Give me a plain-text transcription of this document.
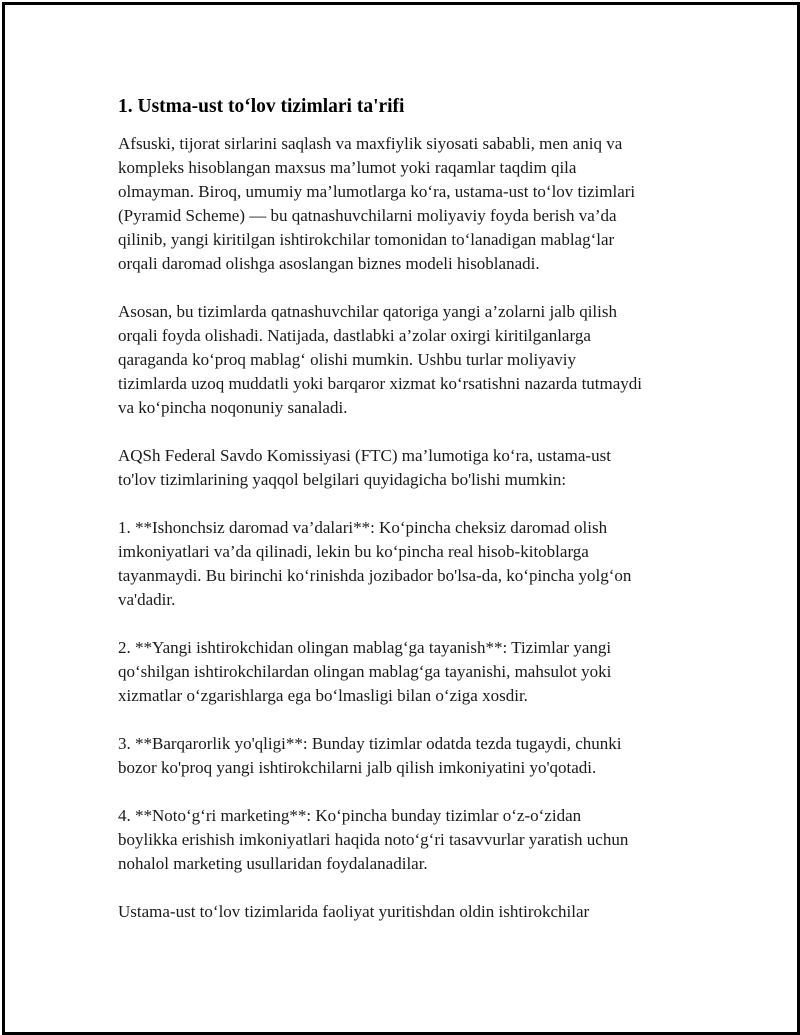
1. Ustma-ust to‘lov tizimlari ta'rifi

Afsuski, tijorat sirlarini saqlash va maxfiylik siyosati sababli, men aniq va
kompleks hisoblangan maxsus ma’lumot yoki raqamlar taqdim qila
olmayman. Biroq, umumiy ma’lumotlarga ko‘ra, ustama-ust to‘lov tizimlari
(Pyramid Scheme) — bu qatnashuvchilarni moliyaviy foyda berish va’da
qilinib, yangi kiritilgan ishtirokchilar tomonidan to‘lanadigan mablag‘lar
orqali daromad olishga asoslangan biznes modeli hisoblanadi.

Asosan, bu tizimlarda qatnashuvchilar qatoriga yangi a’zolarni jalb qilish
orqali foyda olishadi. Natijada, dastlabki a’zolar oxirgi kiritilganlarga
qaraganda ko‘proq mablag‘ olishi mumkin. Ushbu turlar moliyaviy
tizimlarda uzoq muddatli yoki barqaror xizmat ko‘rsatishni nazarda tutmaydi
va ko‘pincha noqonuniy sanaladi.

AQSh Federal Savdo Komissiyasi (FTC) ma’lumotiga ko‘ra, ustama-ust
to'lov tizimlarining yaqqol belgilari quyidagicha bo'lishi mumkin:

1. **Ishonchsiz daromad va’dalari**: Ko‘pincha cheksiz daromad olish
imkoniyatlari va’da qilinadi, lekin bu ko‘pincha real hisob-kitoblarga
tayanmaydi. Bu birinchi ko‘rinishda jozibador bo'lsa-da, ko‘pincha yolg‘on
va'dadir.

2. **Yangi ishtirokchidan olingan mablag‘ga tayanish**: Tizimlar yangi
qo‘shilgan ishtirokchilardan olingan mablag‘ga tayanishi, mahsulot yoki
xizmatlar o‘zgarishlarga ega bo‘lmasligi bilan o‘ziga xosdir.

3. **Barqarorlik yo'qligi**: Bunday tizimlar odatda tezda tugaydi, chunki
bozor ko'proq yangi ishtirokchilarni jalb qilish imkoniyatini yo'qotadi.

4. **Noto‘g‘ri marketing**: Ko‘pincha bunday tizimlar o‘z-o‘zidan
boylikka erishish imkoniyatlari haqida noto‘g‘ri tasavvurlar yaratish uchun
nohalol marketing usullaridan foydalanadilar.

Ustama-ust to‘lov tizimlarida faoliyat yuritishdan oldin ishtirokchilar
